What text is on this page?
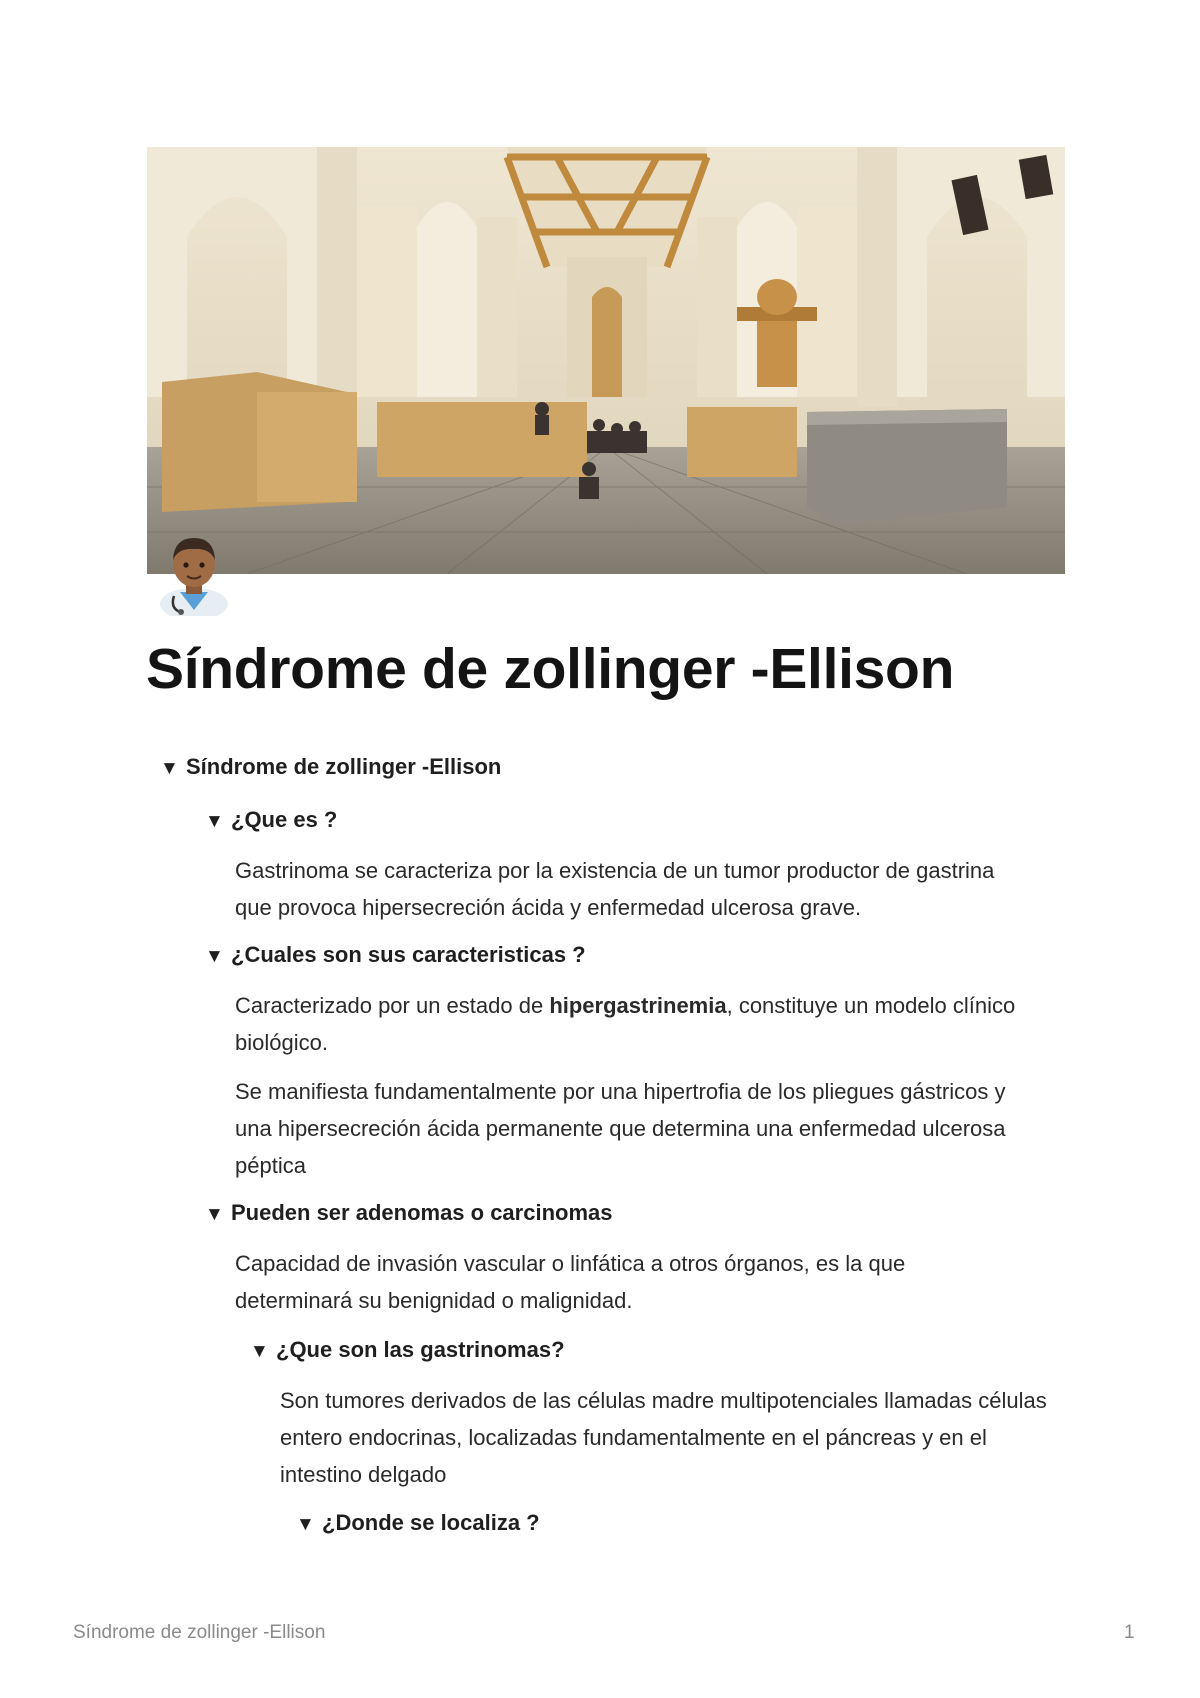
Síndrome de zollinger -Ellison
▼ Síndrome de zollinger -Ellison
▼ ¿Que es ?

Gastrinoma se caracteriza por la existencia de un tumor productor de gastrina que provoca hipersecreción ácida y enfermedad ulcerosa grave.

▼ ¿Cuales son sus caracteristicas ?

Caracterizado por un estado de hipergastrinemia, constituye un modelo clínico biológico.

Se manifiesta fundamentalmente por una hipertrofia de los pliegues gástricos y una hipersecreción ácida permanente que determina una enfermedad ulcerosa péptica

▼ Pueden ser adenomas o carcinomas

Capacidad de invasión vascular o linfática a otros órganos, es la que determinará su benignidad o malignidad.

▼ ¿Que son las gastrinomas?

Son tumores derivados de las células madre multipotenciales llamadas células entero endocrinas, localizadas fundamentalmente en el páncreas y en el intestino delgado

▼ ¿Donde se localiza ?
Síndrome de zollinger -Ellison	1
